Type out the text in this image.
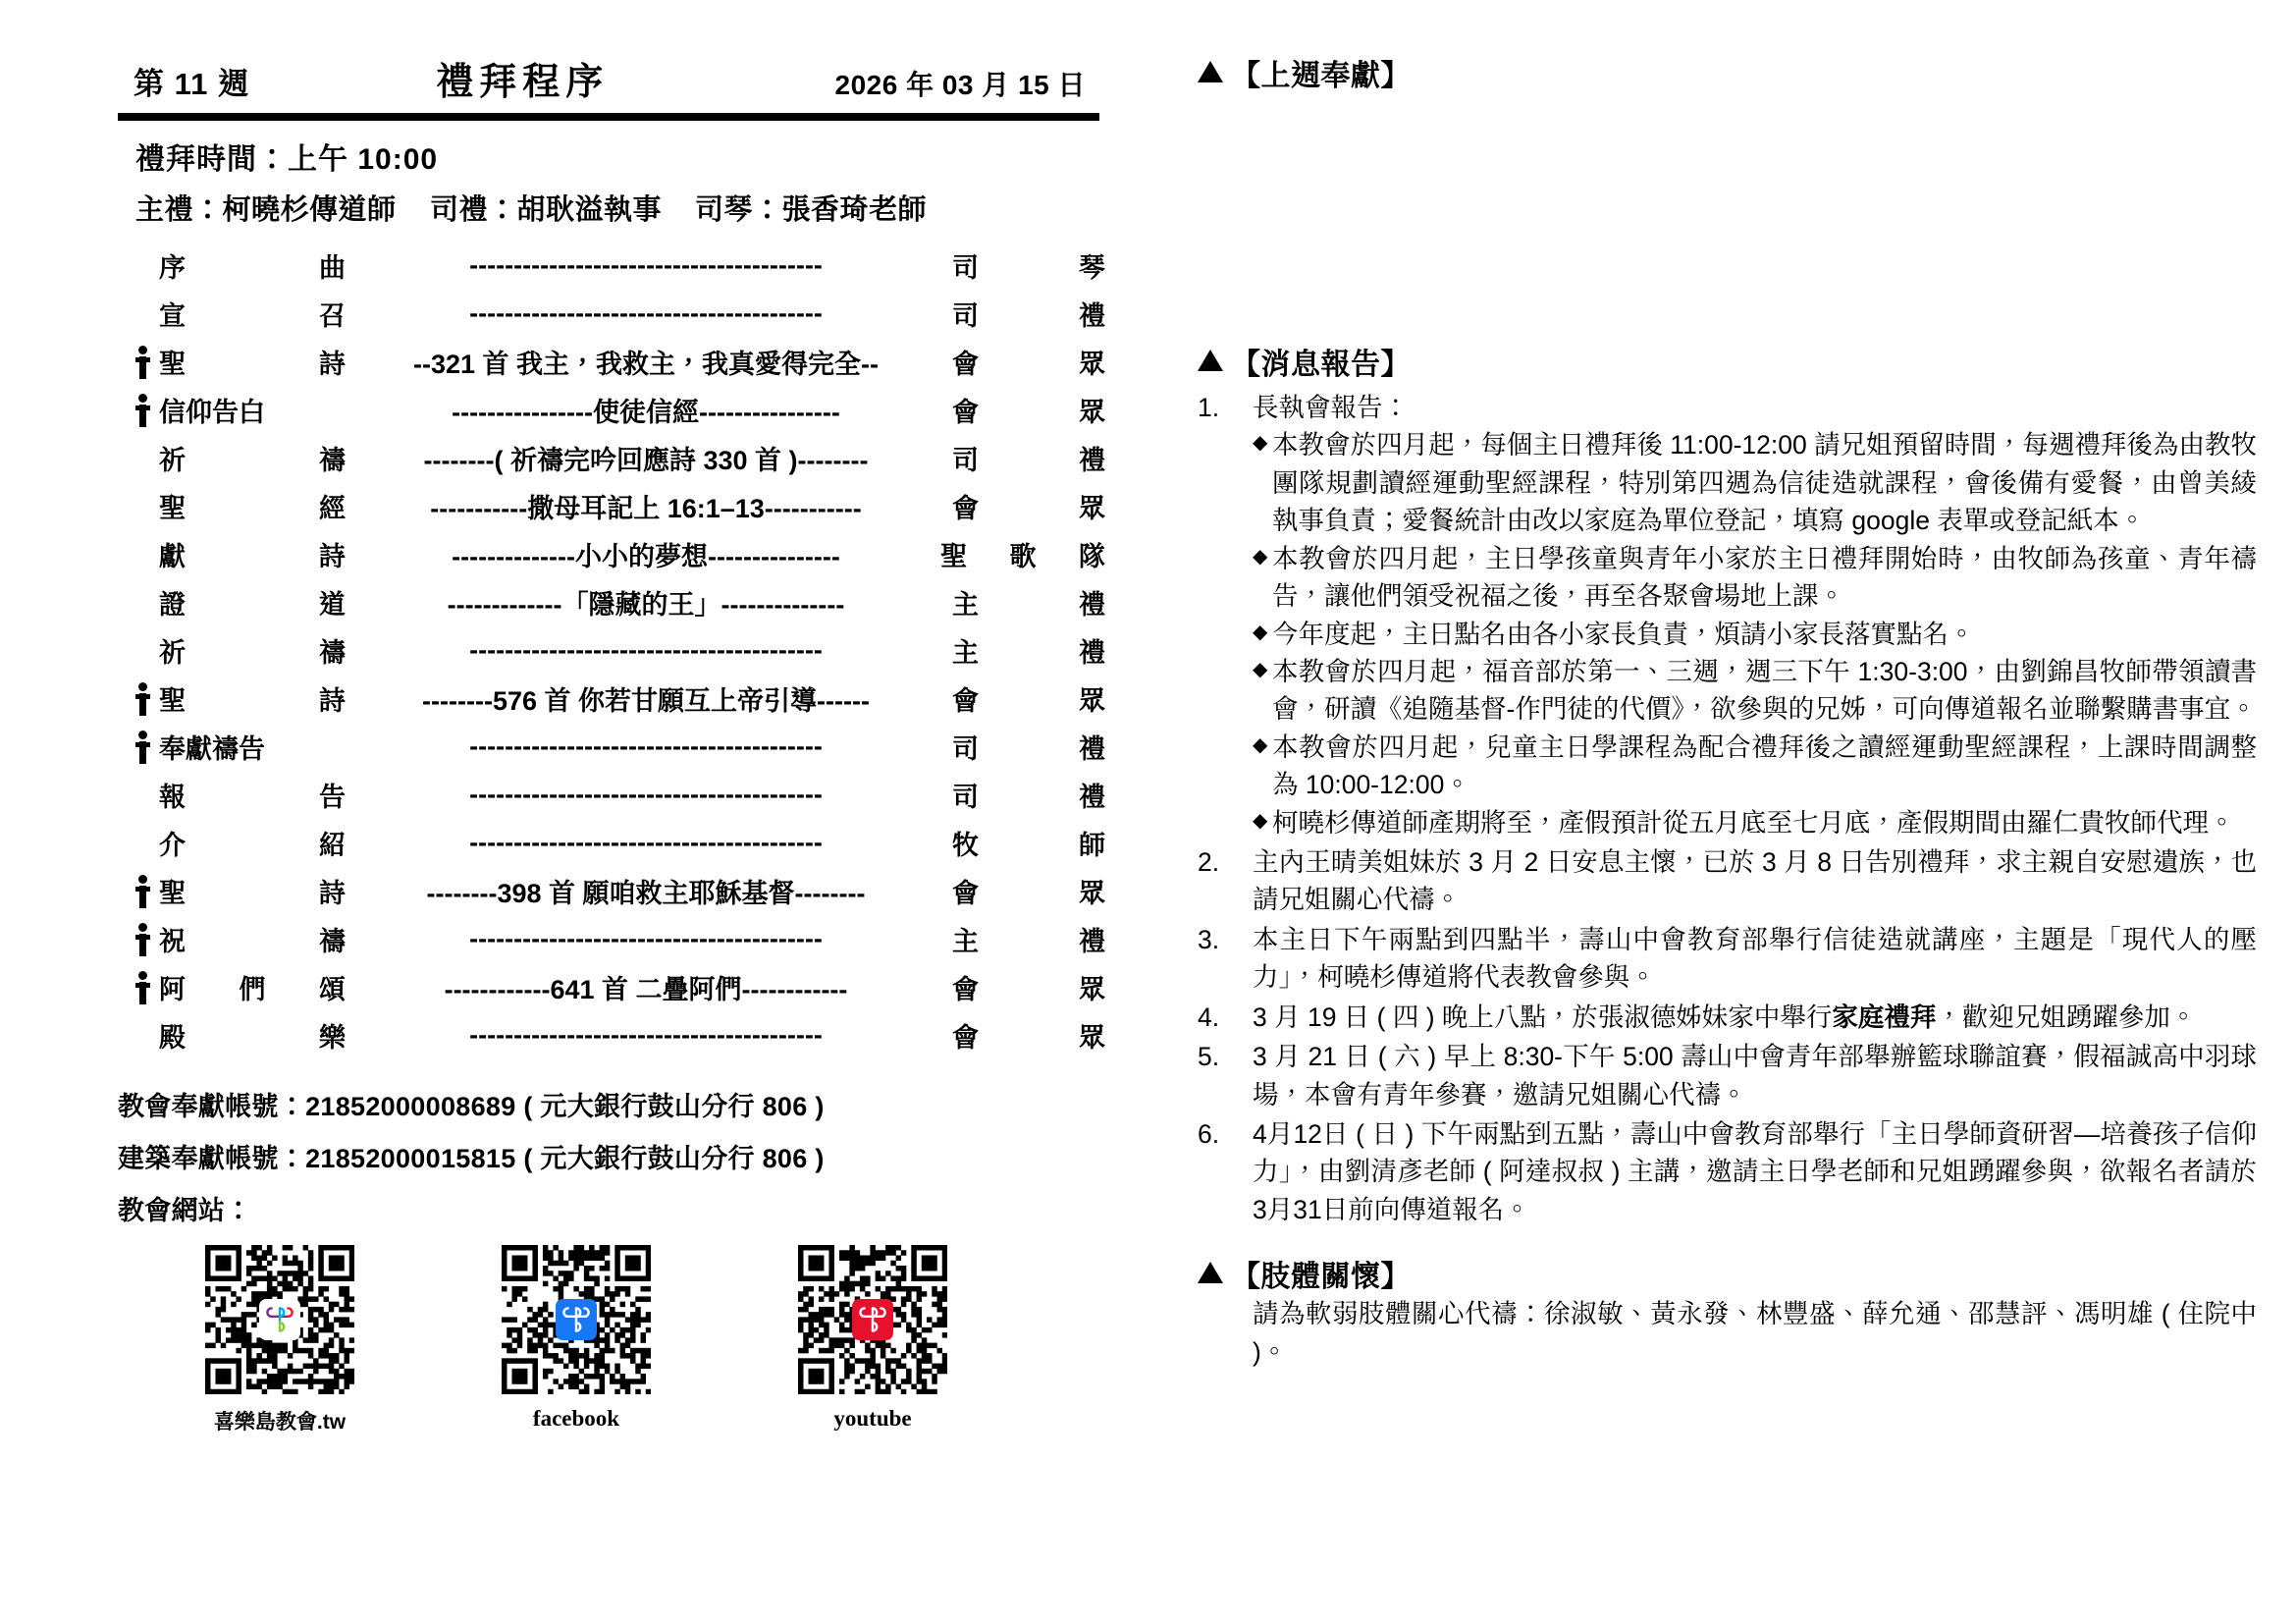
第 11 週	禮拜程序	2026 年 03 月 15 日
禮拜時間：上午 10:00
主禮：柯曉杉傳道師	司禮：胡耿溢執事	司琴：張香琦老師

	序 曲	----------------------------------------	司 琴

	宣 召	----------------------------------------	司 禮

	聖 詩	--321 首 我主，我救主，我真愛得完全--	會 眾

	信 仰 告 白	----------------使徒信經----------------	會 眾

	祈 禱	--------( 祈禱完吟回應詩 330 首 )--------	司 禮

	聖 經	-----------撒母耳記上 16:1–13-----------	會 眾

	獻 詩	--------------小小的夢想---------------	聖 歌 隊

	證 道	-------------「隱藏的王」--------------	主 禮

	祈 禱	----------------------------------------	主 禮

	聖 詩	--------576 首 你若甘願互上帝引導------	會 眾

	奉 獻 禱 告	----------------------------------------	司 禮

	報 告	----------------------------------------	司 禮

	介 紹	----------------------------------------	牧 師

	聖 詩	--------398 首 願咱救主耶穌基督--------	會 眾

	祝 禱	----------------------------------------	主 禮

	阿 們 頌	------------641 首 二疊阿們------------	會 眾

	殿 樂	----------------------------------------	會 眾
教會奉獻帳號：21852000008689 ( 元大銀行鼓山分行 806 )
建築奉獻帳號：21852000015815 ( 元大銀行鼓山分行 806 )
教會網站：
喜樂島教會.tw	facebook	youtube
【上週奉獻】
【消息報告】
1.	長執會報告：
◆ 本教會於四月起，每個主日禮拜後 11:00-12:00 請兄姐預留時間，每週禮拜後為由教牧團隊規劃讀經運動聖經課程，特別第四週為信徒造就課程，會後備有愛餐，由曾美綾執事負責；愛餐統計由改以家庭為單位登記，填寫 google 表單或登記紙本。
◆ 本教會於四月起，主日學孩童與青年小家於主日禮拜開始時，由牧師為孩童、青年禱告，讓他們領受祝福之後，再至各聚會場地上課。
◆ 今年度起，主日點名由各小家長負責，煩請小家長落實點名。
◆ 本教會於四月起，福音部於第一、三週，週三下午 1:30-3:00，由劉錦昌牧師帶領讀書會，研讀《追隨基督-作門徒的代價》，欲參與的兄姊，可向傳道報名並聯繫購書事宜。
◆ 本教會於四月起，兒童主日學課程為配合禮拜後之讀經運動聖經課程，上課時間調整為 10:00-12:00。
◆ 柯曉杉傳道師產期將至，產假預計從五月底至七月底，產假期間由羅仁貴牧師代理。
2.	主內王晴美姐妹於 3 月 2 日安息主懷，已於 3 月 8 日告別禮拜，求主親自安慰遺族，也請兄姐關心代禱。
3.	本主日下午兩點到四點半，壽山中會教育部舉行信徒造就講座，主題是「現代人的壓力」，柯曉杉傳道將代表教會參與。
4.	3 月 19 日 ( 四 ) 晚上八點，於張淑德姊妹家中舉行家庭禮拜，歡迎兄姐踴躍參加。
5.	3 月 21 日 ( 六 ) 早上 8:30-下午 5:00 壽山中會青年部舉辦籃球聯誼賽，假福誠高中羽球場，本會有青年參賽，邀請兄姐關心代禱。
6.	4月12日 ( 日 ) 下午兩點到五點，壽山中會教育部舉行「主日學師資研習—培養孩子信仰力」，由劉清彥老師 ( 阿達叔叔 ) 主講，邀請主日學老師和兄姐踴躍參與，欲報名者請於3月31日前向傳道報名。
【肢體關懷】
請為軟弱肢體關心代禱：徐淑敏、黃永發、林豐盛、薛允通、邵慧評、馮明雄 ( 住院中 )。
